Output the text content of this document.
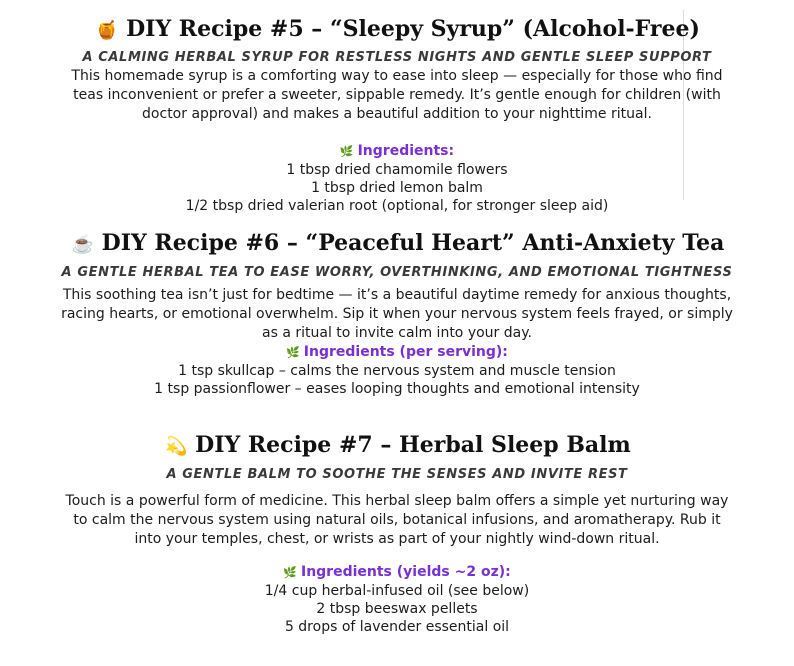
🍯 DIY Recipe #5 – “Sleepy Syrup” (Alcohol-Free)
A CALMING HERBAL SYRUP FOR RESTLESS NIGHTS AND GENTLE SLEEP SUPPORT
This homemade syrup is a comforting way to ease into sleep — especially for those who find teas inconvenient or prefer a sweeter, sippable remedy. It’s gentle enough for children (with doctor approval) and makes a beautiful addition to your nighttime ritual.
🌿 Ingredients:
1 tbsp dried chamomile flowers
1 tbsp dried lemon balm
1/2 tbsp dried valerian root (optional, for stronger sleep aid)
☕ DIY Recipe #6 – “Peaceful Heart” Anti-Anxiety Tea
A GENTLE HERBAL TEA TO EASE WORRY, OVERTHINKING, AND EMOTIONAL TIGHTNESS
This soothing tea isn’t just for bedtime — it’s a beautiful daytime remedy for anxious thoughts, racing hearts, or emotional overwhelm. Sip it when your nervous system feels frayed, or simply as a ritual to invite calm into your day.
🌿 Ingredients (per serving):
1 tsp skullcap – calms the nervous system and muscle tension
1 tsp passionflower – eases looping thoughts and emotional intensity
💫 DIY Recipe #7 – Herbal Sleep Balm
A GENTLE BALM TO SOOTHE THE SENSES AND INVITE REST
Touch is a powerful form of medicine. This herbal sleep balm offers a simple yet nurturing way to calm the nervous system using natural oils, botanical infusions, and aromatherapy. Rub it into your temples, chest, or wrists as part of your nightly wind-down ritual.
🌿 Ingredients (yields ~2 oz):
1/4 cup herbal-infused oil (see below)
2 tbsp beeswax pellets
5 drops of lavender essential oil
